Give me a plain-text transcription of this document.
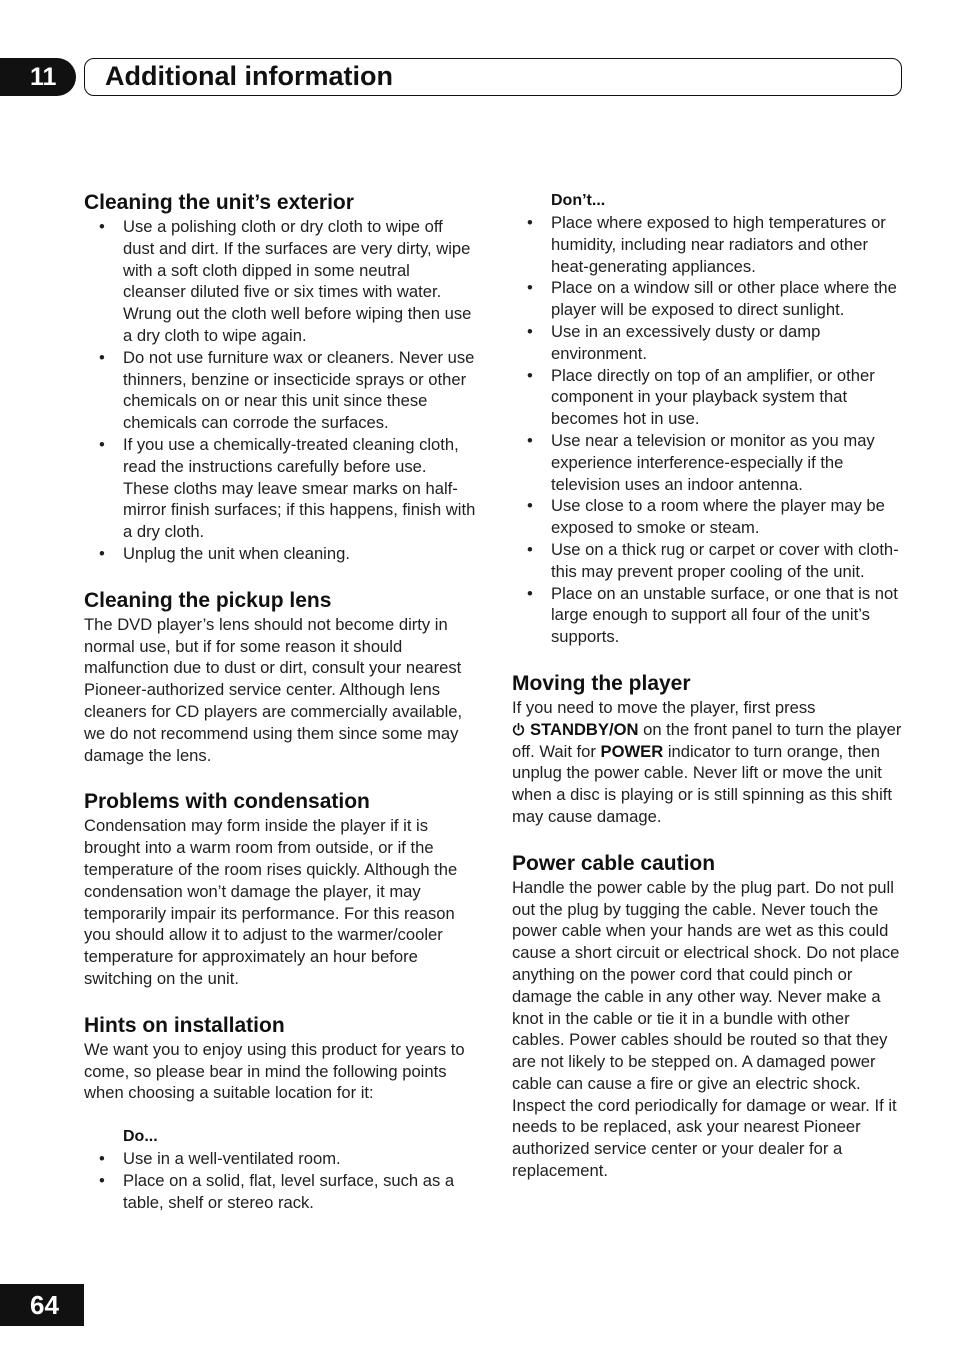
11	Additional information
Cleaning the unit’s exterior
• Use a polishing cloth or dry cloth to wipe off dust and dirt. If the surfaces are very dirty, wipe with a soft cloth dipped in some neutral cleanser diluted five or six times with water. Wrung out the cloth well before wiping then use a dry cloth to wipe again.
• Do not use furniture wax or cleaners. Never use thinners, benzine or insecticide sprays or other chemicals on or near this unit since these chemicals can corrode the surfaces.
• If you use a chemically-treated cleaning cloth, read the instructions carefully before use. These cloths may leave smear marks on half-mirror finish surfaces; if this happens, finish with a dry cloth.
• Unplug the unit when cleaning.
Cleaning the pickup lens

The DVD player’s lens should not become dirty in normal use, but if for some reason it should malfunction due to dust or dirt, consult your nearest Pioneer-authorized service center. Although lens cleaners for CD players are commercially available, we do not recommend using them since some may damage the lens.

Problems with condensation

Condensation may form inside the player if it is brought into a warm room from outside, or if the temperature of the room rises quickly. Although the condensation won’t damage the player, it may temporarily impair its performance. For this reason you should allow it to adjust to the warmer/cooler temperature for approximately an hour before switching on the unit.

Hints on installation

We want you to enjoy using this product for years to come, so please bear in mind the following points when choosing a suitable location for it:

Do...
• Use in a well-ventilated room.
• Place on a solid, flat, level surface, such as a table, shelf or stereo rack.
Don’t...
• Place where exposed to high temperatures or humidity, including near radiators and other heat-generating appliances.
• Place on a window sill or other place where the player will be exposed to direct sunlight.
• Use in an excessively dusty or damp environment.
• Place directly on top of an amplifier, or other component in your playback system that becomes hot in use.
• Use near a television or monitor as you may experience interference-especially if the television uses an indoor antenna.
• Use close to a room where the player may be exposed to smoke or steam.
• Use on a thick rug or carpet or cover with cloth-this may prevent proper cooling of the unit.
• Place on an unstable surface, or one that is not large enough to support all four of the unit’s supports.
Moving the player

If you need to move the player, first press
STANDBY/ON on the front panel to turn the player off. Wait for POWER indicator to turn orange, then unplug the power cable. Never lift or move the unit when a disc is playing or is still spinning as this shift may cause damage.

Power cable caution

Handle the power cable by the plug part. Do not pull out the plug by tugging the cable. Never touch the power cable when your hands are wet as this could cause a short circuit or electrical shock. Do not place anything on the power cord that could pinch or damage the cable in any other way. Never make a knot in the cable or tie it in a bundle with other cables. Power cables should be routed so that they are not likely to be stepped on. A damaged power cable can cause a fire or give an electric shock. Inspect the cord periodically for damage or wear. If it needs to be replaced, ask your nearest Pioneer authorized service center or your dealer for a replacement.

64
